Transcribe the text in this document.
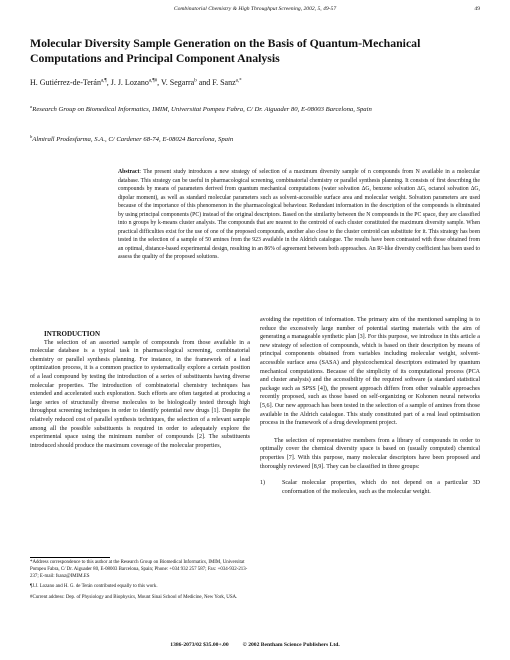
Combinatorial Chemistry & High Throughput Screening, 2002, 5, 49-57	49
Molecular Diversity Sample Generation on the Basis of Quantum-Mechanical Computations and Principal Component Analysis
H. Gutiérrez-de-Terán$^{a,\P}$, J. J. Lozano$^{a,\P\#}$, V. Segarra$^b$ and F. Sanz$^{a,*}$
$^a$Research Group on Biomedical Informatics, IMIM, Universitat Pompeu Fabra, C/ Dr. Aiguader 80, E-08003 Barcelona, Spain
$^b$Almirall Prodesfarma, S.A., C/ Cardener 68-74, E-08024 Barcelona, Spain
Abstract: The present study introduces a new strategy of selection of a maximum diversity sample of n compounds from N available in a molecular database. This strategy can be useful in pharmacological screening, combinatorial chemistry or parallel synthesis planning. It consists of first describing the compounds by means of parameters derived from quantum mechanical computations (water solvation ΔG, benzene solvation ΔG, octanol solvation ΔG, dipolar moment), as well as standard molecular parameters such as solvent-accessible surface area and molecular weight. Solvation parameters are used because of the importance of this phenomenon in the pharmacological behaviour. Redundant information in the description of the compounds is eliminated by using principal components (PC) instead of the original descriptors. Based on the similarity between the N compounds in the PC space, they are classified into n groups by k-means cluster analysis. The compounds that are nearest to the centroid of each cluster constituted the maximum diversity sample. When practical difficulties exist for the use of one of the proposed compounds, another also close to the cluster centroid can substitute for it. This strategy has been tested in the selection of a sample of 50 amines from the 923 available in the Aldrich catalogue. The results have been contrasted with those obtained from an optimal, distance-based experimental design, resulting in an 86% of agreement between both approaches. An R²-like diversity coefficient has been used to assess the quality of the proposed solutions.

INTRODUCTION

The selection of an assorted sample of compounds from those available in a molecular database is a typical task in pharmacological screening, combinatorial chemistry or parallel synthesis planning. For instance, in the framework of a lead optimization process, it is a common practice to systematically explore a certain position of a lead compound by testing the introduction of a series of substituents having diverse molecular properties. The introduction of combinatorial chemistry techniques has extended and accelerated such exploration. Such efforts are often targeted at producing a large series of structurally diverse molecules to be biologically tested through high throughput screening techniques in order to identify potential new drugs [1]. Despite the relatively reduced cost of parallel synthesis techniques, the selection of a relevant sample among all the possible substituents is required in order to adequately explore the experimental space using the minimum number of compounds [2]. The substituents introduced should produce the maximum coverage of the molecular properties,

avoiding the repetition of information. The primary aim of the mentioned sampling is to reduce the excessively large number of potential starting materials with the aim of generating a manageable synthetic plan [3]. For this purpose, we introduce in this article a new strategy of selection of compounds, which is based on their description by means of principal components obtained from variables including molecular weight, solvent-accessible surface area (SASA) and physicochemical descriptors estimated by quantum mechanical computations. Because of the simplicity of its computational process (PCA and cluster analysis) and the accessibility of the required software (a standard statistical package such as SPSS [4]), the present approach differs from other valuable approaches recently proposed, such as those based on self-organizing or Kohonen neural networks [5,6]. Our new approach has been tested in the selection of a sample of amines from those available in the Aldrich catalogue. This study constituted part of a real lead optimisation process in the framework of a drug development project.

The selection of representative members from a library of compounds in order to optimally cover the chemical diversity space is based on (usually computed) chemical properties [7]. With this purpose, many molecular descriptors have been proposed and thoroughly reviewed [8,9]. They can be classified in three groups:

1)	Scalar molecular properties, which do not depend on a particular 3D conformation of the molecules, such as the molecular weight.

*Address correspondence to this author at the Research Group on Biomedical Informatics, IMIM, Universitat Pompeu Fabra, C/ Dr. Aiguader 80, E-08003 Barcelona, Spain; Phone: +034 932 257 587; Fax: +034-932-213-237; E-mail: fsanz@IMIM.ES
¶J.J. Lozano and H. G. de Terán contributed equally to this work.
#Current address: Dep. of Physiology and Biophysics, Mount Sinai School of Medicine, New York, USA.
1386-2073/02 $35.00+.00          © 2002 Bentham Science Publishers Ltd.
